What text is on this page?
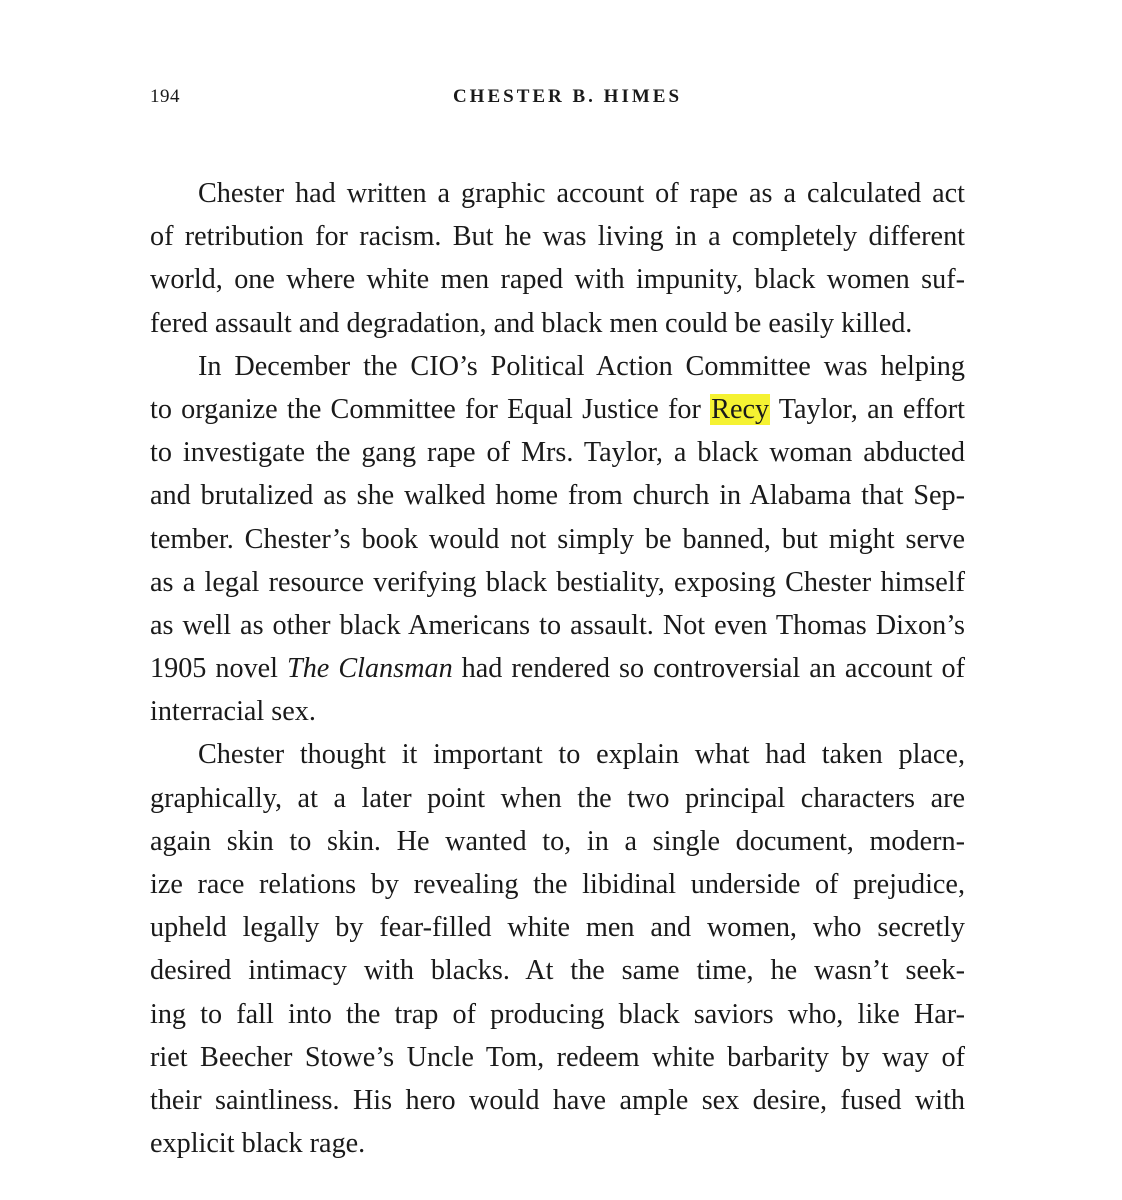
194	CHESTER B. HIMES
Chester had written a graphic account of rape as a calculated act
of retribution for racism. But he was living in a completely different
world, one where white men raped with impunity, black women suf-
fered assault and degradation, and black men could be easily killed.
In December the CIO’s Political Action Committee was helping
to organize the Committee for Equal Justice for Recy Taylor, an effort
to investigate the gang rape of Mrs. Taylor, a black woman abducted
and brutalized as she walked home from church in Alabama that Sep-
tember. Chester’s book would not simply be banned, but might serve
as a legal resource verifying black bestiality, exposing Chester himself
as well as other black Americans to assault. Not even Thomas Dixon’s
1905 novel The Clansman had rendered so controversial an account of
interracial sex.
Chester thought it important to explain what had taken place,
graphically, at a later point when the two principal characters are
again skin to skin. He wanted to, in a single document, modern-
ize race relations by revealing the libidinal underside of prejudice,
upheld legally by fear-filled white men and women, who secretly
desired intimacy with blacks. At the same time, he wasn’t seek-
ing to fall into the trap of producing black saviors who, like Har-
riet Beecher Stowe’s Uncle Tom, redeem white barbarity by way of
their saintliness. His hero would have ample sex desire, fused with
explicit black rage.
